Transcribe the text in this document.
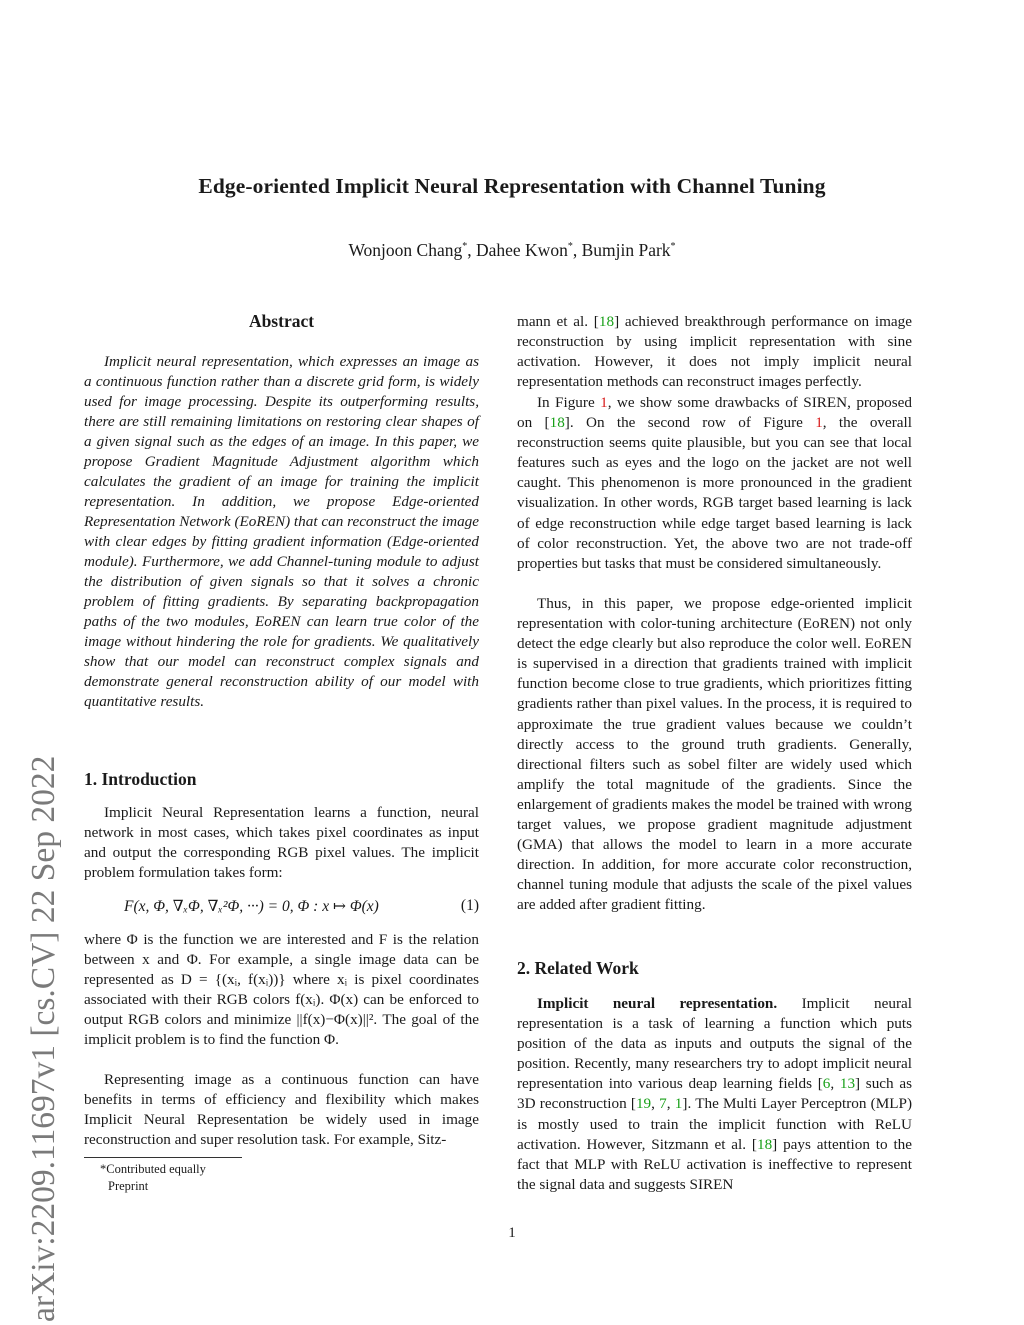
arXiv:2209.11697v1 [cs.CV] 22 Sep 2022
Edge-oriented Implicit Neural Representation with Channel Tuning
Wonjoon Chang*, Dahee Kwon*, Bumjin Park*
Abstract

Implicit neural representation, which expresses an image as a continuous function rather than a discrete grid form, is widely used for image processing. Despite its outperforming results, there are still remaining limitations on restoring clear shapes of a given signal such as the edges of an image. In this paper, we propose Gradient Magnitude Adjustment algorithm which calculates the gradient of an image for training the implicit representation. In addition, we propose Edge-oriented Representation Network (EoREN) that can reconstruct the image with clear edges by fitting gradient information (Edge-oriented module). Furthermore, we add Channel-tuning module to adjust the distribution of given signals so that it solves a chronic problem of fitting gradients. By separating backpropagation paths of the two modules, EoREN can learn true color of the image without hindering the role for gradients. We qualitatively show that our model can reconstruct complex signals and demonstrate general reconstruction ability of our model with quantitative results.

1. Introduction

Implicit Neural Representation learns a function, neural network in most cases, which takes pixel coordinates as input and output the corresponding RGB pixel values. The implicit problem formulation takes form:

F(x, Φ, ∇ₓΦ, ∇ₓ²Φ, ···) = 0, Φ : x ↦ Φ(x)	(1)

where Φ is the function we are interested and F is the relation between x and Φ. For example, a single image data can be represented as D = {(xᵢ, f(xᵢ))} where xᵢ is pixel coordinates associated with their RGB colors f(xᵢ). Φ(x) can be enforced to output RGB colors and minimize ||f(x)−Φ(x)||². The goal of the implicit problem is to find the function Φ.

Representing image as a continuous function can have benefits in terms of efficiency and flexibility which makes Implicit Neural Representation be widely used in image reconstruction and super resolution task. For example, Sitz-

*Contributed equally
Preprint

mann et al. [18] achieved breakthrough performance on image reconstruction by using implicit representation with sine activation. However, it does not imply implicit neural representation methods can reconstruct images perfectly.

In Figure 1, we show some drawbacks of SIREN, proposed on [18]. On the second row of Figure 1, the overall reconstruction seems quite plausible, but you can see that local features such as eyes and the logo on the jacket are not well caught. This phenomenon is more pronounced in the gradient visualization. In other words, RGB target based learning is lack of edge reconstruction while edge target based learning is lack of color reconstruction. Yet, the above two are not trade-off properties but tasks that must be considered simultaneously.

Thus, in this paper, we propose edge-oriented implicit representation with color-tuning architecture (EoREN) not only detect the edge clearly but also reproduce the color well. EoREN is supervised in a direction that gradients trained with implicit function become close to true gradients, which prioritizes fitting gradients rather than pixel values. In the process, it is required to approximate the true gradient values because we couldn’t directly access to the ground truth gradients. Generally, directional filters such as sobel filter are widely used which amplify the total magnitude of the gradients. Since the enlargement of gradients makes the model be trained with wrong target values, we propose gradient magnitude adjustment (GMA) that allows the model to learn in a more accurate direction. In addition, for more accurate color reconstruction, channel tuning module that adjusts the scale of the pixel values are added after gradient fitting.

2. Related Work

Implicit neural representation. Implicit neural representation is a task of learning a function which puts position of the data as inputs and outputs the signal of the position. Recently, many researchers try to adopt implicit neural representation into various deap learning fields [6, 13] such as 3D reconstruction [19, 7, 1]. The Multi Layer Perceptron (MLP) is mostly used to train the implicit function with ReLU activation. However, Sitzmann et al. [18] pays attention to the fact that MLP with ReLU activation is ineffective to represent the signal data and suggests SIREN

1
